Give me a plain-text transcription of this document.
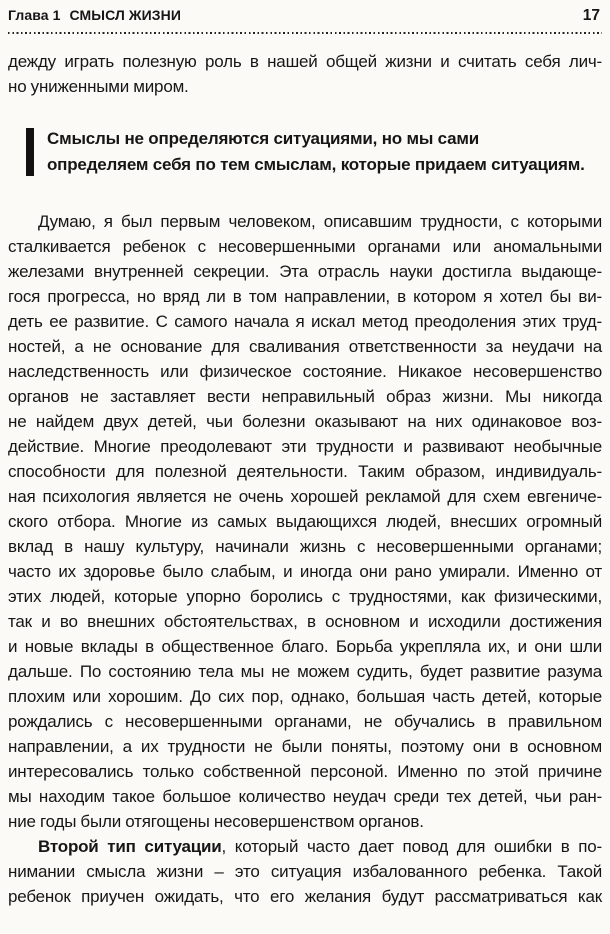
Глава 1 СМЫСЛ ЖИЗНИ	17
дежду играть полезную роль в нашей общей жизни и считать себя лич-
но униженными миром.
Смыслы не определяются ситуациями, но мы сами
определяем себя по тем смыслам, которые придаем ситуациям.
Думаю, я был первым человеком, описавшим трудности, с которыми
сталкивается ребенок с несовершенными органами или аномальными
железами внутренней секреции. Эта отрасль науки достигла выдающе-
гося прогресса, но вряд ли в том направлении, в котором я хотел бы ви-
деть ее развитие. С самого начала я искал метод преодоления этих труд-
ностей, а не основание для сваливания ответственности за неудачи на
наследственность или физическое состояние. Никакое несовершенство
органов не заставляет вести неправильный образ жизни. Мы никогда
не найдем двух детей, чьи болезни оказывают на них одинаковое воз-
действие. Многие преодолевают эти трудности и развивают необычные
способности для полезной деятельности. Таким образом, индивидуаль-
ная психология является не очень хорошей рекламой для схем евгениче-
ского отбора. Многие из самых выдающихся людей, внесших огромный
вклад в нашу культуру, начинали жизнь с несовершенными органами;
часто их здоровье было слабым, и иногда они рано умирали. Именно от
этих людей, которые упорно боролись с трудностями, как физическими,
так и во внешних обстоятельствах, в основном и исходили достижения
и новые вклады в общественное благо. Борьба укрепляла их, и они шли
дальше. По состоянию тела мы не можем судить, будет развитие разума
плохим или хорошим. До сих пор, однако, большая часть детей, которые
рождались с несовершенными органами, не обучались в правильном
направлении, а их трудности не были поняты, поэтому они в основном
интересовались только собственной персоной. Именно по этой причине
мы находим такое большое количество неудач среди тех детей, чьи ран-
ние годы были отягощены несовершенством органов.
Второй тип ситуации, который часто дает повод для ошибки в по-
нимании смысла жизни – это ситуация избалованного ребенка. Такой
ребенок приучен ожидать, что его желания будут рассматриваться как
